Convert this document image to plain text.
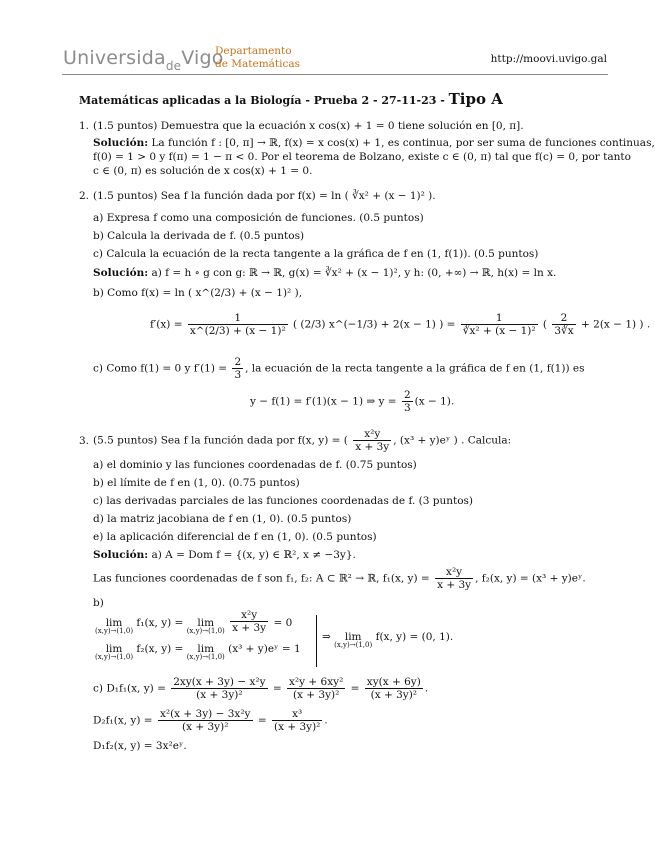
Universida$_{de}$Vigo
Departamento
de Matemáticas	http://moovi.uvigo.gal
Matemáticas aplicadas a la Biología - Prueba 2 - 27-11-23 - Tipo A
1. (1.5 puntos) Demuestra que la ecuación x cos(x) + 1 = 0 tiene solución en [0, π].
Solución: La función f : [0, π] → ℝ, f(x) = x cos(x) + 1, es continua, por ser suma de funciones continuas,
f(0) = 1 > 0 y f(π) = 1 − π < 0. Por el teorema de Bolzano, existe c ∈ (0, π) tal que f(c) = 0, por tanto
c ∈ (0, π) es solución de x cos(x) + 1 = 0.
2. (1.5 puntos) Sea f la función dada por f(x) = ln ( ∛x² + (x − 1)² ).
a) Expresa f como una composición de funciones. (0.5 puntos)
b) Calcula la derivada de f. (0.5 puntos)
c) Calcula la ecuación de la recta tangente a la gráfica de f en (1, f(1)). (0.5 puntos)
Solución: a) f = h ∘ g con g: ℝ → ℝ, g(x) = ∛x² + (x − 1)², y h: (0, +∞) → ℝ, h(x) = ln x.
b) Como f(x) = ln ( x^(2/3) + (x − 1)² ),
$f'(x) = \frac{1}{\text{x\textasciicircum{}(2/3) + (x − 1)²}}$ ( (2/3) x^(−1/3) + 2(x − 1) ) = $\frac{1}{\text{∛x² + (x − 1)²}}$ ( $\frac{2}{3∛x} + 2(x - 1)$ ) .
c) Como f(1) = 0 y $f'(1) = \frac{2}{3}$ , la ecuación de la recta tangente a la gráfica de f en (1, f(1)) es
y − f(1) = f′(1)(x − 1) ⇒ $y = \frac{2}{3} (x - 1)$.
3. (5.5 puntos) Sea f la función dada por f(x, y) = ( $\frac{\text{x²y}}{x + 3y}$ , (x³ + y)eʸ ) . Calcula:
a) el dominio y las funciones coordenadas de f. (0.75 puntos)
b) el límite de f en (1, 0). (0.75 puntos)
c) las derivadas parciales de las funciones coordenadas de f. (3 puntos)
d) la matriz jacobiana de f en (1, 0). (0.5 puntos)
e) la aplicación diferencial de f en (1, 0). (0.5 puntos)
Solución: a) A = Dom f = {(x, y) ∈ ℝ², x ≠ −3y}.
Las funciones coordenadas de f son f₁, f₂: A ⊂ ℝ² → ℝ, f₁(x, $y) = \frac{\text{x²y}}{x + 3y}$ , f₂(x, y) = (x³ + y)eʸ.
b)
lim
(x,y)→(1,0)
f₁(x, y) = lim
(x,y)→(1,0)
$\frac{\text{x²y}}{x + 3y} = 0$
lim
(x,y)→(1,0)
f₂(x, y) = lim
(x,y)→(1,0)
(x³ + y)eʸ = 1
⇒ lim
(x,y)→(1,0)
f(x, y) = (0, 1).
c) D₁f₁(x, $y) = \frac{\text{2xy(x + 3y) − x²y}}{\text{(x + 3y)²}} = \frac{\text{x²y + 6xy²}}{\text{(x + 3y)²}} = \frac{xy(x + 6y)}{\text{(x + 3y)²}}$ .
D₂f₁(x, $y) = \frac{\text{x²(x + 3y) − 3x²y}}{\text{(x + 3y)²}} = \frac{\text{x³}}{\text{(x + 3y)²}}$ .
D₁f₂(x, y) = 3x²eʸ.
